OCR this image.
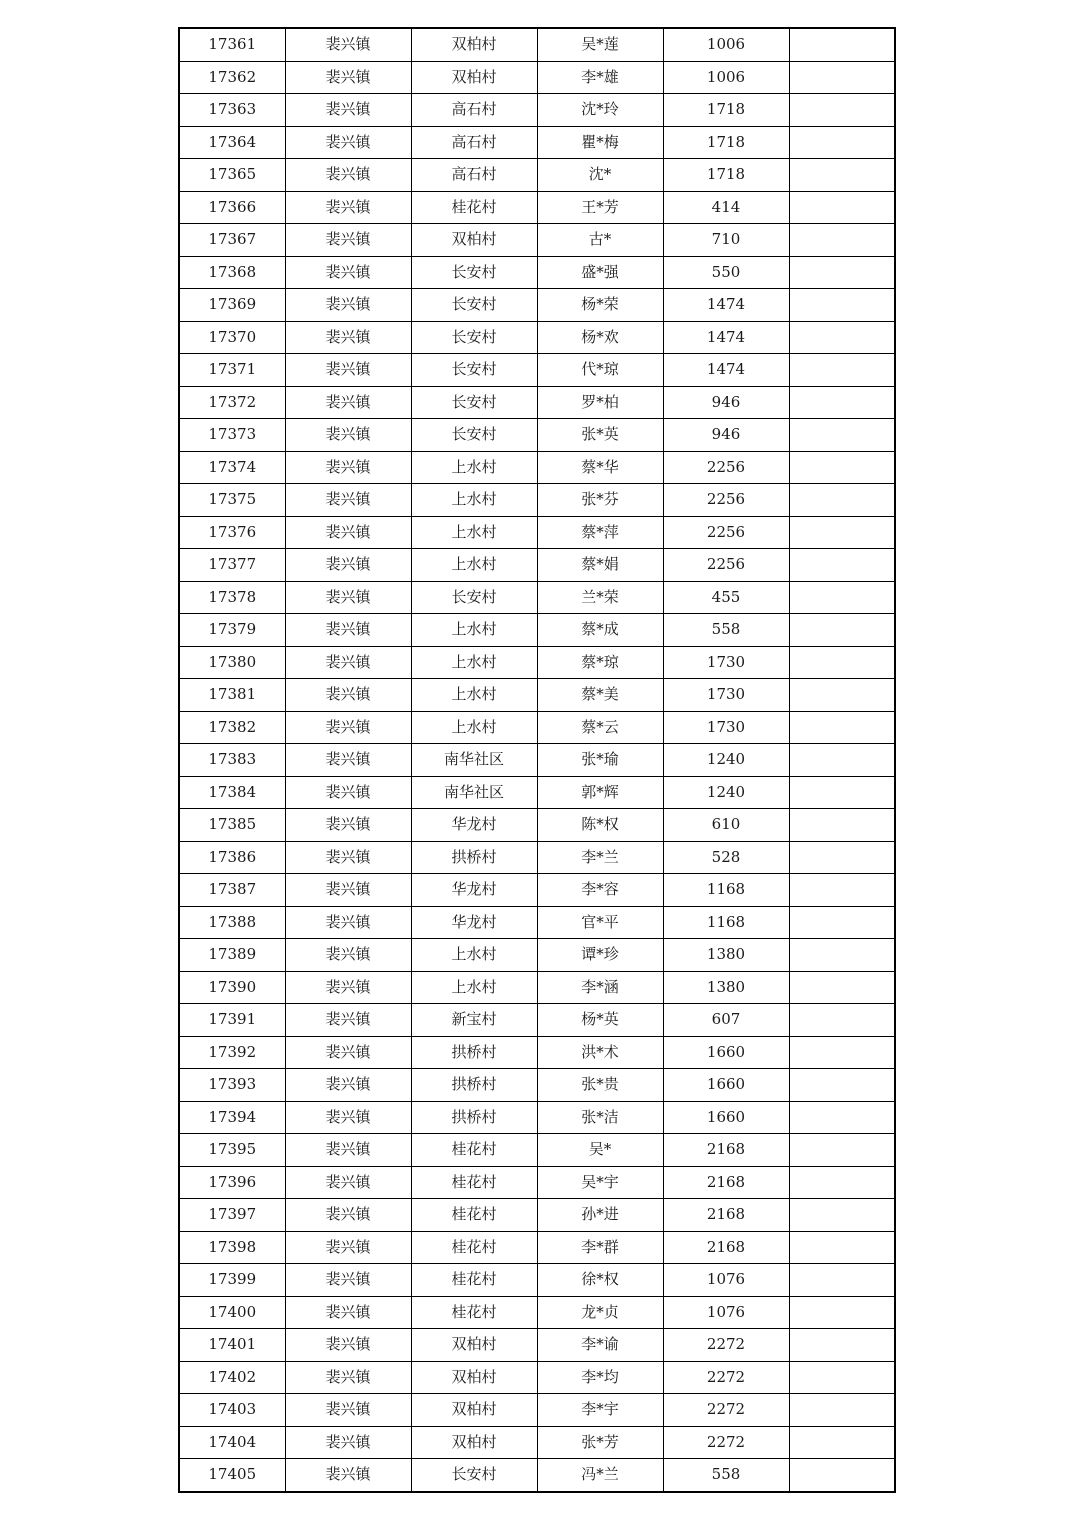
17361	裴兴镇	双柏村	吴*莲	1006	
17362	裴兴镇	双柏村	李*雄	1006	
17363	裴兴镇	高石村	沈*玲	1718	
17364	裴兴镇	高石村	瞿*梅	1718	
17365	裴兴镇	高石村	沈*	1718	
17366	裴兴镇	桂花村	王*芳	414	
17367	裴兴镇	双柏村	古*	710	
17368	裴兴镇	长安村	盛*强	550	
17369	裴兴镇	长安村	杨*荣	1474	
17370	裴兴镇	长安村	杨*欢	1474	
17371	裴兴镇	长安村	代*琼	1474	
17372	裴兴镇	长安村	罗*柏	946	
17373	裴兴镇	长安村	张*英	946	
17374	裴兴镇	上水村	蔡*华	2256	
17375	裴兴镇	上水村	张*芬	2256	
17376	裴兴镇	上水村	蔡*萍	2256	
17377	裴兴镇	上水村	蔡*娟	2256	
17378	裴兴镇	长安村	兰*荣	455	
17379	裴兴镇	上水村	蔡*成	558	
17380	裴兴镇	上水村	蔡*琼	1730	
17381	裴兴镇	上水村	蔡*美	1730	
17382	裴兴镇	上水村	蔡*云	1730	
17383	裴兴镇	南华社区	张*瑜	1240	
17384	裴兴镇	南华社区	郭*辉	1240	
17385	裴兴镇	华龙村	陈*权	610	
17386	裴兴镇	拱桥村	李*兰	528	
17387	裴兴镇	华龙村	李*容	1168	
17388	裴兴镇	华龙村	官*平	1168	
17389	裴兴镇	上水村	谭*珍	1380	
17390	裴兴镇	上水村	李*涵	1380	
17391	裴兴镇	新宝村	杨*英	607	
17392	裴兴镇	拱桥村	洪*术	1660	
17393	裴兴镇	拱桥村	张*贵	1660	
17394	裴兴镇	拱桥村	张*洁	1660	
17395	裴兴镇	桂花村	吴*	2168	
17396	裴兴镇	桂花村	吴*宇	2168	
17397	裴兴镇	桂花村	孙*进	2168	
17398	裴兴镇	桂花村	李*群	2168	
17399	裴兴镇	桂花村	徐*权	1076	
17400	裴兴镇	桂花村	龙*贞	1076	
17401	裴兴镇	双柏村	李*谕	2272	
17402	裴兴镇	双柏村	李*均	2272	
17403	裴兴镇	双柏村	李*宇	2272	
17404	裴兴镇	双柏村	张*芳	2272	
17405	裴兴镇	长安村	冯*兰	558	
